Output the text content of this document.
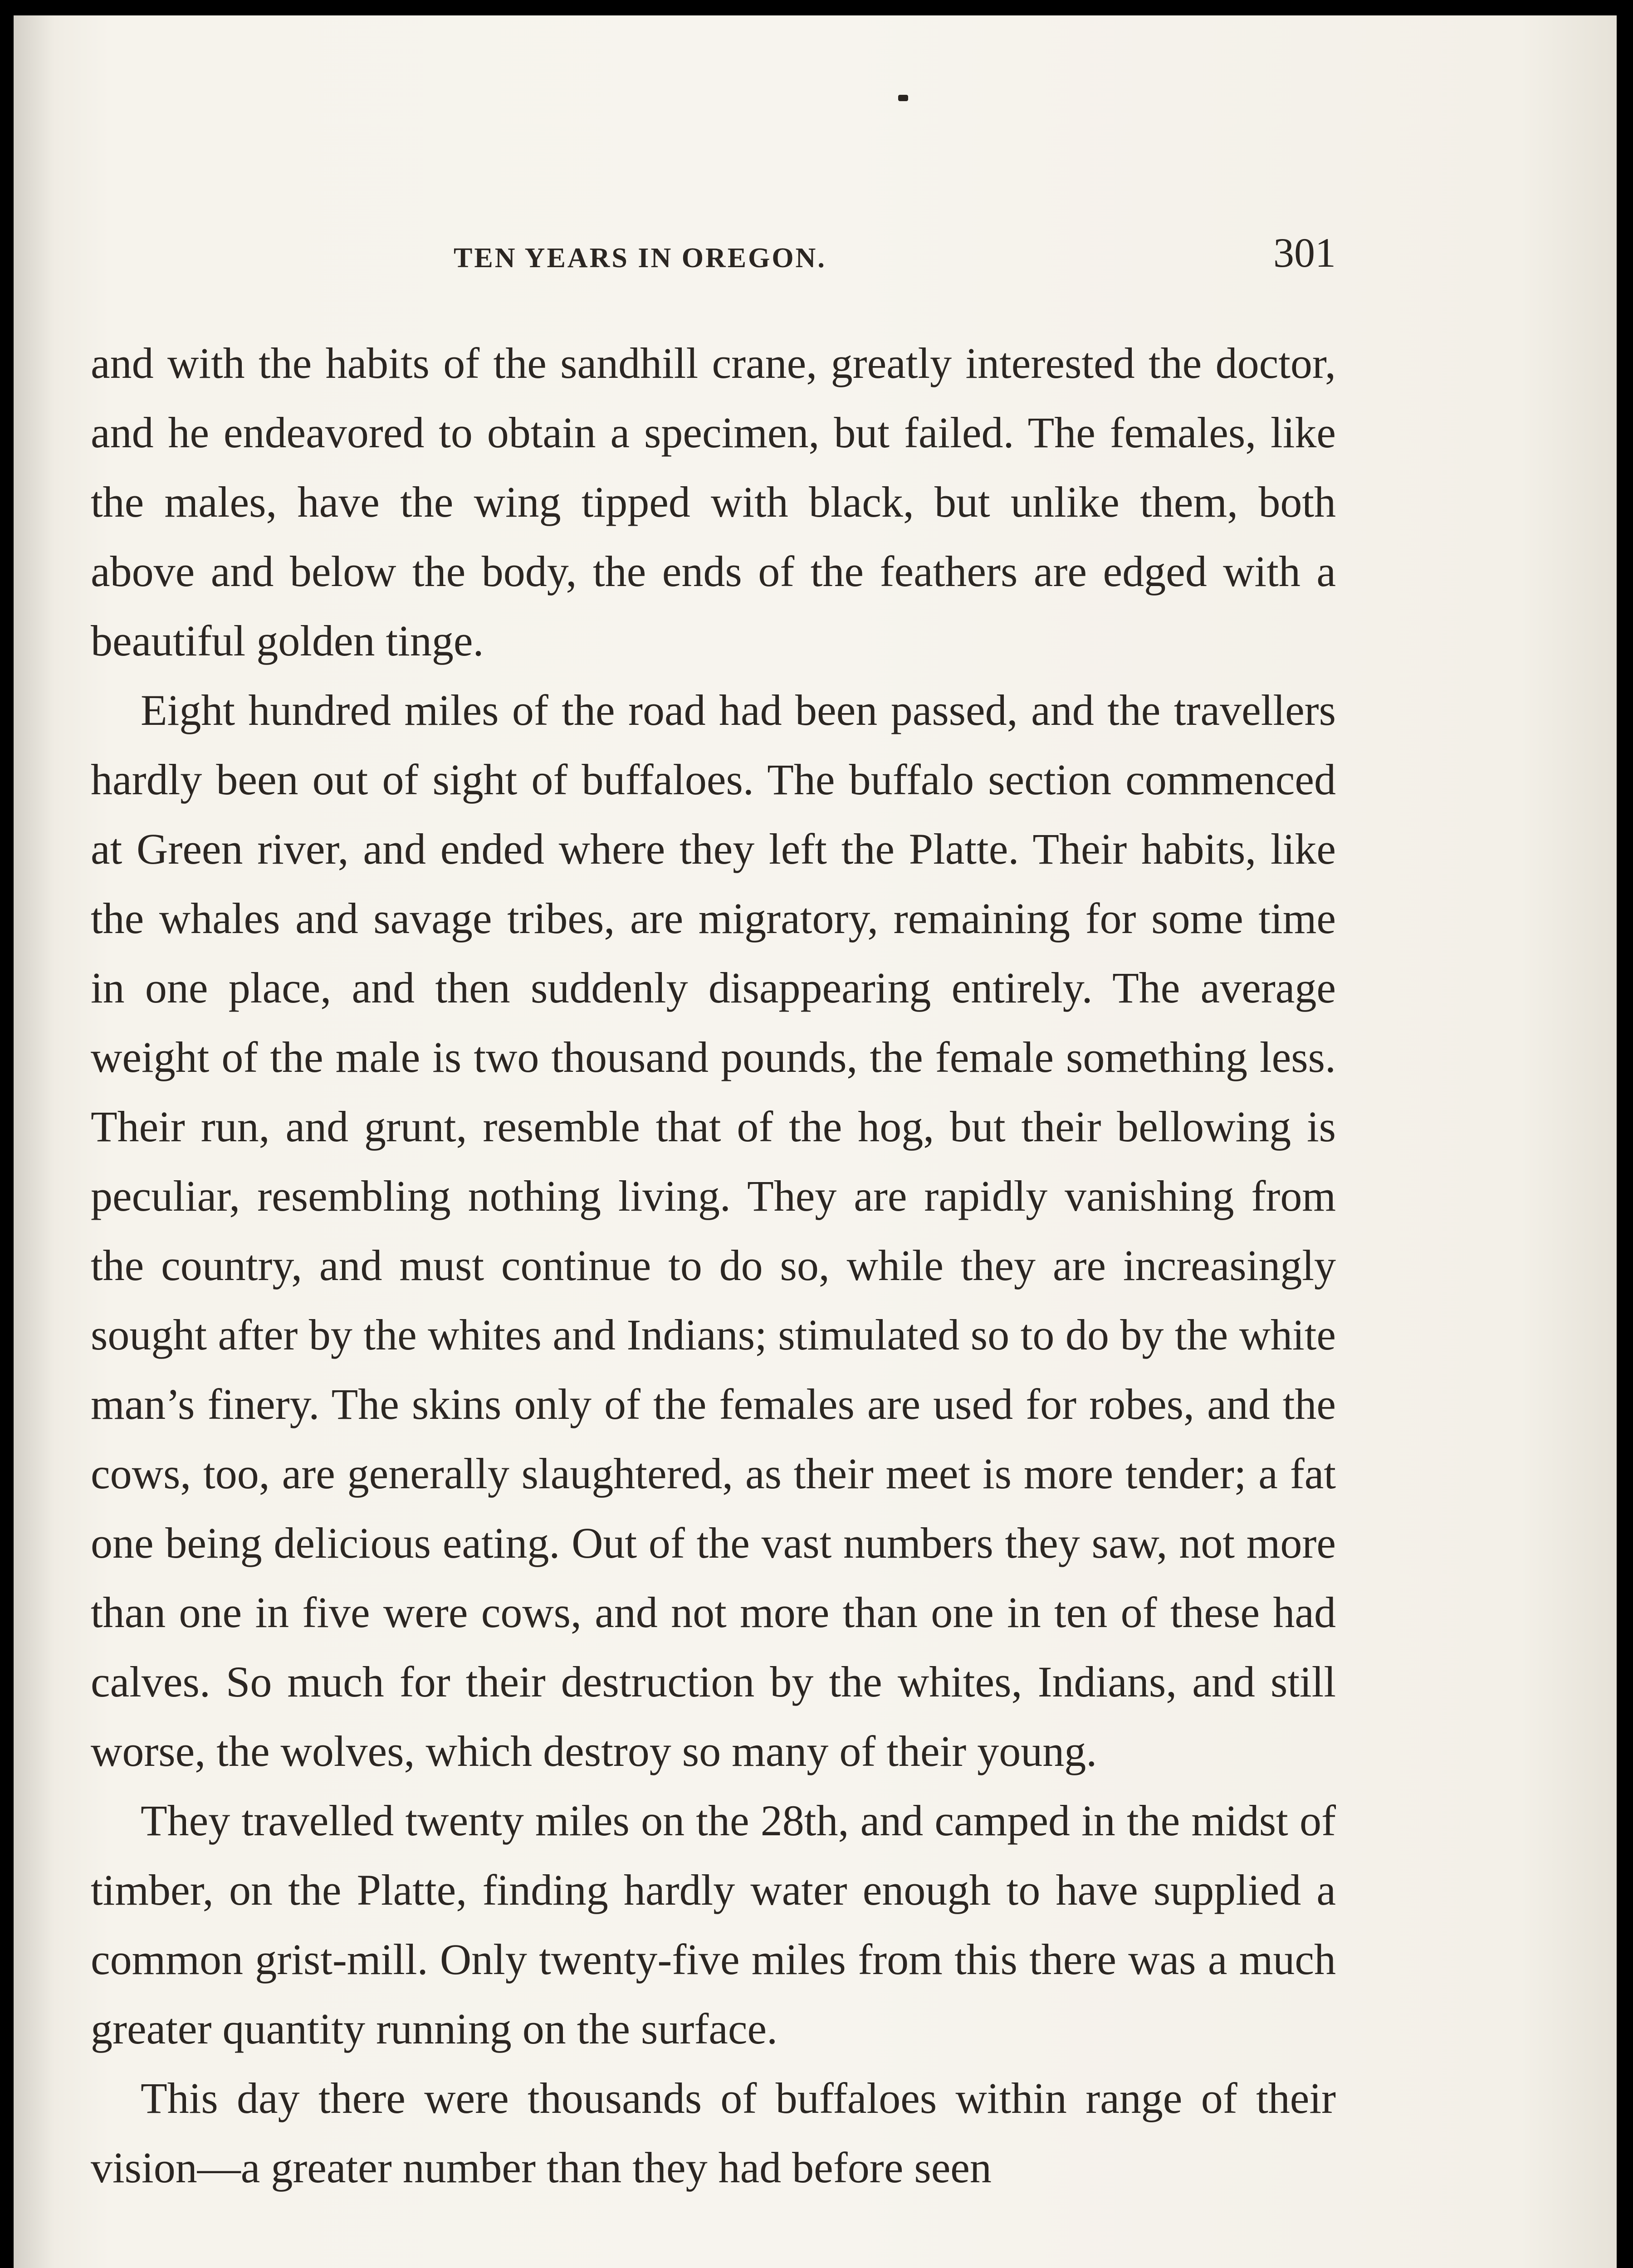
TEN YEARS IN OREGON.	301

and with the habits of the sandhill crane, greatly interested the doctor, and he endeavored to obtain a specimen, but failed. The females, like the males, have the wing tipped with black, but unlike them, both above and below the body, the ends of the feathers are edged with a beautiful golden tinge.

Eight hundred miles of the road had been passed, and the travellers hardly been out of sight of buffaloes. The buffalo section commenced at Green river, and ended where they left the Platte. Their habits, like the whales and savage tribes, are migratory, remaining for some time in one place, and then suddenly disappearing entirely. The average weight of the male is two thousand pounds, the female something less. Their run, and grunt, resemble that of the hog, but their bellowing is peculiar, resembling nothing living. They are rapidly vanishing from the country, and must continue to do so, while they are increasingly sought after by the whites and Indians; stimulated so to do by the white man’s finery. The skins only of the females are used for robes, and the cows, too, are generally slaughtered, as their meet is more tender; a fat one being delicious eating. Out of the vast numbers they saw, not more than one in five were cows, and not more than one in ten of these had calves. So much for their destruction by the whites, Indians, and still worse, the wolves, which destroy so many of their young.

They travelled twenty miles on the 28th, and camped in the midst of timber, on the Platte, finding hardly water enough to have supplied a common grist-mill. Only twenty-five miles from this there was a much greater quantity running on the surface.

This day there were thousands of buffaloes within range of their vision—a greater number than they had before seen
